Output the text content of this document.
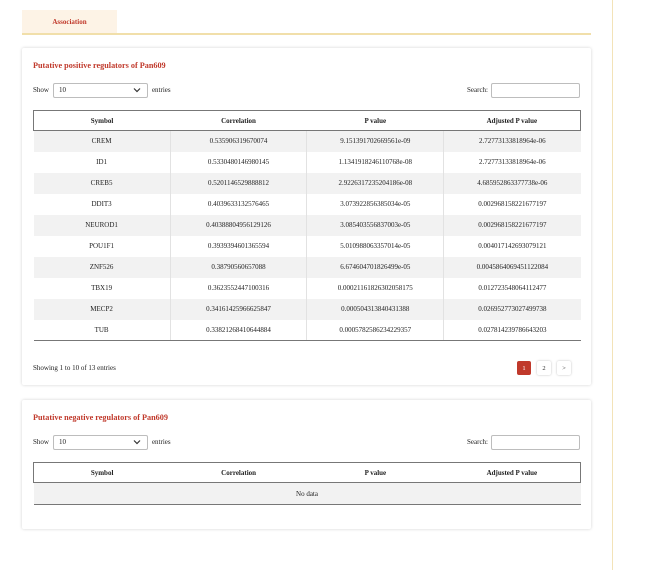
Association
Putative positive regulators of Pan609
Show 10	entries	Search:
Symbol	Correlation	P value	Adjusted P value
CREM	0.535906319670074	9.151391702669561e-09	2.72773133818964e-06
ID1	0.5330480146980145	1.1341918246110768e-08	2.72773133818964e-06
CREB5	0.5201146529888812	2.9226317235204186e-08	4.685952863377738e-06
DDIT3	0.4039633132576465	3.073922856385034e-05	0.002968158221677197
NEUROD1	0.40388804956129126	3.085403556837003e-05	0.002968158221677197
POU1F1	0.3939394601365594	5.010988063357014e-05	0.004017142693079121
ZNF526	0.38790560657088	6.674604701826499e-05	0.0045864069451122084
TBX19	0.3623552447100316	0.00021161826302058175	0.012723548064112477
MECP2	0.34161425966625847	0.000504313840431388	0.026952773027499738
TUB	0.33821268410644884	0.0005782586234229357	0.027814239786643203
Showing 1 to 10 of 13 entries	1	2	>
Putative negative regulators of Pan609
Show 10	entries	Search:
Symbol	Correlation	P value	Adjusted P value
No data
